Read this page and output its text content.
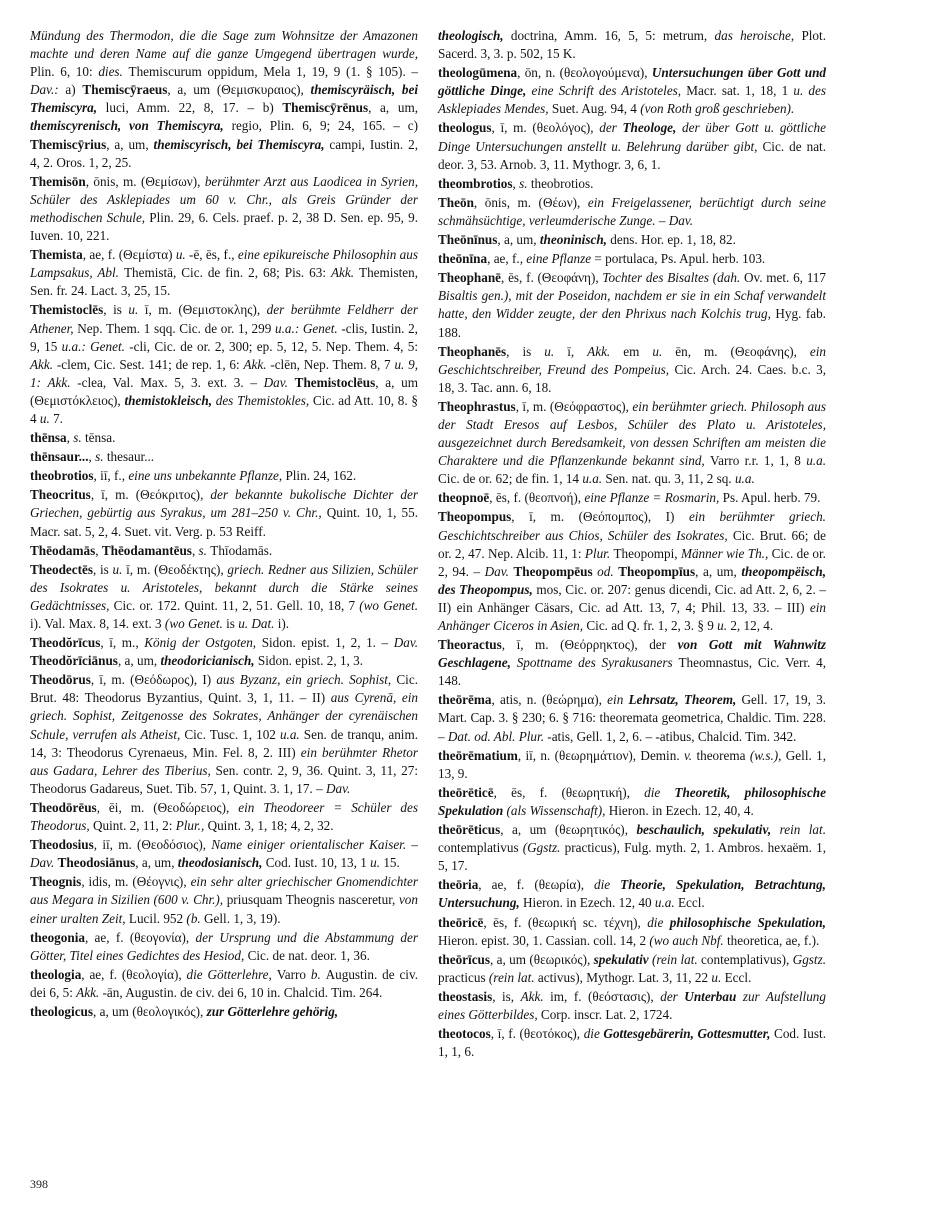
Mündung des Thermodon, die die Sage zum Wohnsitze der Amazonen machte und deren Name auf die ganze Umgegend übertragen wurde, Plin. 6, 10: dies. Themiscurum oppidum, Mela 1, 19, 9 (1. § 105). – Dav.: a) Themiscȳraeus, a, um (Θεμισκυραιος), themiscyräisch, bei Themiscyra, luci, Amm. 22, 8, 17. – b) Themiscȳrēnus, a, um, themiscyrenisch, von Themiscyra, regio, Plin. 6, 9; 24, 165. – c) Themiscȳrius, a, um, themiscyrisch, bei Themiscyra, campi, Iustin. 2, 4, 2. Oros. 1, 2, 25.

Themisōn, ōnis, m. (Θεμίσων), berühmter Arzt aus Laodicea in Syrien, Schüler des Asklepiades um 60 v. Chr., als Greis Gründer der methodischen Schule, Plin. 29, 6. Cels. praef. p. 2, 38 D. Sen. ep. 95, 9. Iuven. 10, 221.

Themista, ae, f. (Θεμίστα) u. -ē, ēs, f., eine epikureische Philosophin aus Lampsakus, Abl. Themistā, Cic. de fin. 2, 68; Pis. 63: Akk. Themisten, Sen. fr. 24. Lact. 3, 25, 15.

Themistoclēs, is u. ī, m. (Θεμιστοκλης), der berühmte Feldherr der Athener, Nep. Them. 1 sqq. Cic. de or. 1, 299 u.a.: Genet. -clis, Iustin. 2, 9, 15 u.a.: Genet. -cli, Cic. de or. 2, 300; ep. 5, 12, 5. Nep. Them. 4, 5: Akk. -clem, Cic. Sest. 141; de rep. 1, 6: Akk. -clēn, Nep. Them. 8, 7 u. 9, 1: Akk. -clea, Val. Max. 5, 3. ext. 3. – Dav. Themistoclēus, a, um (Θεμιστόκλειος), themistokleisch, des Themistokles, Cic. ad Att. 10, 8. § 4 u. 7.

thēnsa, s. tēnsa.

thēnsaur..., s. thesaur...

theobrotios, iī, f., eine uns unbekannte Pflanze, Plin. 24, 162.

Theocritus, ī, m. (Θεόκριτος), der bekannte bukolische Dichter der Griechen, gebürtig aus Syrakus, um 281–250 v. Chr., Quint. 10, 1, 55. Macr. sat. 5, 2, 4. Suet. vit. Verg. p. 53 Reiff.

Thēodamās, Thēodamantēus, s. Thīodamās.

Theodectēs, is u. ī, m. (Θεοδέκτης), griech. Redner aus Silizien, Schüler des Isokrates u. Aristoteles, bekannt durch die Stärke seines Gedächtnisses, Cic. or. 172. Quint. 11, 2, 51. Gell. 10, 18, 7 (wo Genet. i). Val. Max. 8, 14. ext. 3 (wo Genet. is u. Dat. i).

Theodŏrīcus, ī, m., König der Ostgoten, Sidon. epist. 1, 2, 1. – Dav. Theodŏrīciānus, a, um, theodoricianisch, Sidon. epist. 2, 1, 3.

Theodōrus, ī, m. (Θεόδωρος), I) aus Byzanz, ein griech. Sophist, Cic. Brut. 48: Theodorus Byzantius, Quint. 3, 1, 11. – II) aus Cyrenā, ein griech. Sophist, Zeitgenosse des Sokrates, Anhänger der cyrenäischen Schule, verrufen als Atheist, Cic. Tusc. 1, 102 u.a. Sen. de tranqu, anim. 14, 3: Theodorus Cyrenaeus, Min. Fel. 8, 2. III) ein berühmter Rhetor aus Gadara, Lehrer des Tiberius, Sen. contr. 2, 9, 36. Quint. 3, 11, 27: Theodorus Gadareus, Suet. Tib. 57, 1, Quint. 3. 1, 17. – Dav.

Theodōrēus, ēi, m. (Θεοδώρειος), ein Theodoreer = Schüler des Theodorus, Quint. 2, 11, 2: Plur., Quint. 3, 1, 18; 4, 2, 32.

Theodosius, iī, m. (Θεοδόσιος), Name einiger orientalischer Kaiser. – Dav. Theodosiānus, a, um, theodosianisch, Cod. Iust. 10, 13, 1 u. 15.

Theognis, idis, m. (Θέογνις), ein sehr alter griechischer Gnomendichter aus Megara in Sizilien (600 v. Chr.), priusquam Theognis nasceretur, von einer uralten Zeit, Lucil. 952 (b. Gell. 1, 3, 19).

theogonia, ae, f. (θεογονία), der Ursprung und die Abstammung der Götter, Titel eines Gedichtes des Hesiod, Cic. de nat. deor. 1, 36.

theologia, ae, f. (θεολογία), die Götterlehre, Varro b. Augustin. de civ. dei 6, 5: Akk. -ān, Augustin. de civ. dei 6, 10 in. Chalcid. Tim. 264.

theologicus, a, um (θεολογικός), zur Götterlehre gehörig,

theologisch, doctrina, Amm. 16, 5, 5: metrum, das heroische, Plot. Sacerd. 3, 3. p. 502, 15 K.

theologūmena, ōn, n. (θεολογούμενα), Untersuchungen über Gott und göttliche Dinge, eine Schrift des Aristoteles, Macr. sat. 1, 18, 1 u. des Asklepiades Mendes, Suet. Aug. 94, 4 (von Roth groß geschrieben).

theologus, ī, m. (θεολόγος), der Theologe, der über Gott u. göttliche Dinge Untersuchungen anstellt u. Belehrung darüber gibt, Cic. de nat. deor. 3, 53. Arnob. 3, 11. Mythogr. 3, 6, 1.

theombrotios, s. theobrotios.

Theōn, ōnis, m. (Θέων), ein Freigelassener, berüchtigt durch seine schmähsüchtige, verleumderische Zunge. – Dav.

Theōnīnus, a, um, theoninisch, dens. Hor. ep. 1, 18, 82.

theōnīna, ae, f., eine Pflanze = portulaca, Ps. Apul. herb. 103.

Theophanē, ēs, f. (Θεοφάνη), Tochter des Bisaltes (dah. Ov. met. 6, 117 Bisaltis gen.), mit der Poseidon, nachdem er sie in ein Schaf verwandelt hatte, den Widder zeugte, der den Phrixus nach Kolchis trug, Hyg. fab. 188.

Theophanēs, is u. ī, Akk. em u. ēn, m. (Θεοφάνης), ein Geschichtschreiber, Freund des Pompeius, Cic. Arch. 24. Caes. b.c. 3, 18, 3. Tac. ann. 6, 18.

Theophrastus, ī, m. (Θεόφραστος), ein berühmter griech. Philosoph aus der Stadt Eresos auf Lesbos, Schüler des Plato u. Aristoteles, ausgezeichnet durch Beredsamkeit, von dessen Schriften am meisten die Charaktere und die Pflanzenkunde bekannt sind, Varro r.r. 1, 1, 8 u.a. Cic. de or. 62; de fin. 1, 14 u.a. Sen. nat. qu. 3, 11, 2 sq. u.a.

theopnoē, ēs, f. (θεοπνοή), eine Pflanze = Rosmarin, Ps. Apul. herb. 79.

Theopompus, ī, m. (Θεόπομπος), I) ein berühmter griech. Geschichtschreiber aus Chios, Schüler des Isokrates, Cic. Brut. 66; de or. 2, 47. Nep. Alcib. 11, 1: Plur. Theopompi, Männer wie Th., Cic. de or. 2, 94. – Dav. Theopompēus od. Theopompīus, a, um, theopompëisch, des Theopompus, mos, Cic. or. 207: genus dicendi, Cic. ad Att. 2, 6, 2. – II) ein Anhänger Cäsars, Cic. ad Att. 13, 7, 4; Phil. 13, 33. – III) ein Anhänger Ciceros in Asien, Cic. ad Q. fr. 1, 2, 3. § 9 u. 2, 12, 4.

Theoractus, ī, m. (Θεόρρηκτος), der von Gott mit Wahnwitz Geschlagene, Spottname des Syrakusaners Theomnastus, Cic. Verr. 4, 148.

theōrēma, atis, n. (θεώρημα), ein Lehrsatz, Theorem, Gell. 17, 19, 3. Mart. Cap. 3. § 230; 6. § 716: theoremata geometrica, Chaldic. Tim. 228. – Dat. od. Abl. Plur. -atis, Gell. 1, 2, 6. – -atibus, Chalcid. Tim. 342.

theōrēmatium, iī, n. (θεωρημάτιον), Demin. v. theorema (w.s.), Gell. 1, 13, 9.

theōrēticē, ēs, f. (θεωρητική), die Theoretik, philosophische Spekulation (als Wissenschaft), Hieron. in Ezech. 12, 40, 4.

theōrēticus, a, um (θεωρητικός), beschaulich, spekulativ, rein lat. contemplativus (Ggstz. practicus), Fulg. myth. 2, 1. Ambros. hexaëm. 1, 5, 17.

theōria, ae, f. (θεωρία), die Theorie, Spekulation, Betrachtung, Untersuchung, Hieron. in Ezech. 12, 40 u.a. Eccl.

theōricē, ēs, f. (θεωρική sc. τέχνη), die philosophische Spekulation, Hieron. epist. 30, 1. Cassian. coll. 14, 2 (wo auch Nbf. theoretica, ae, f.).

theōrīcus, a, um (θεωρικός), spekulativ (rein lat. contemplativus), Ggstz. practicus (rein lat. activus), Mythogr. Lat. 3, 11, 22 u. Eccl.

theostasis, is, Akk. im, f. (θεόστασις), der Unterbau zur Aufstellung eines Götterbildes, Corp. inscr. Lat. 2, 1724.

theotocos, ī, f. (θεοτόκος), die Gottesgebärerin, Gottesmutter, Cod. Iust. 1, 1, 6.

398
